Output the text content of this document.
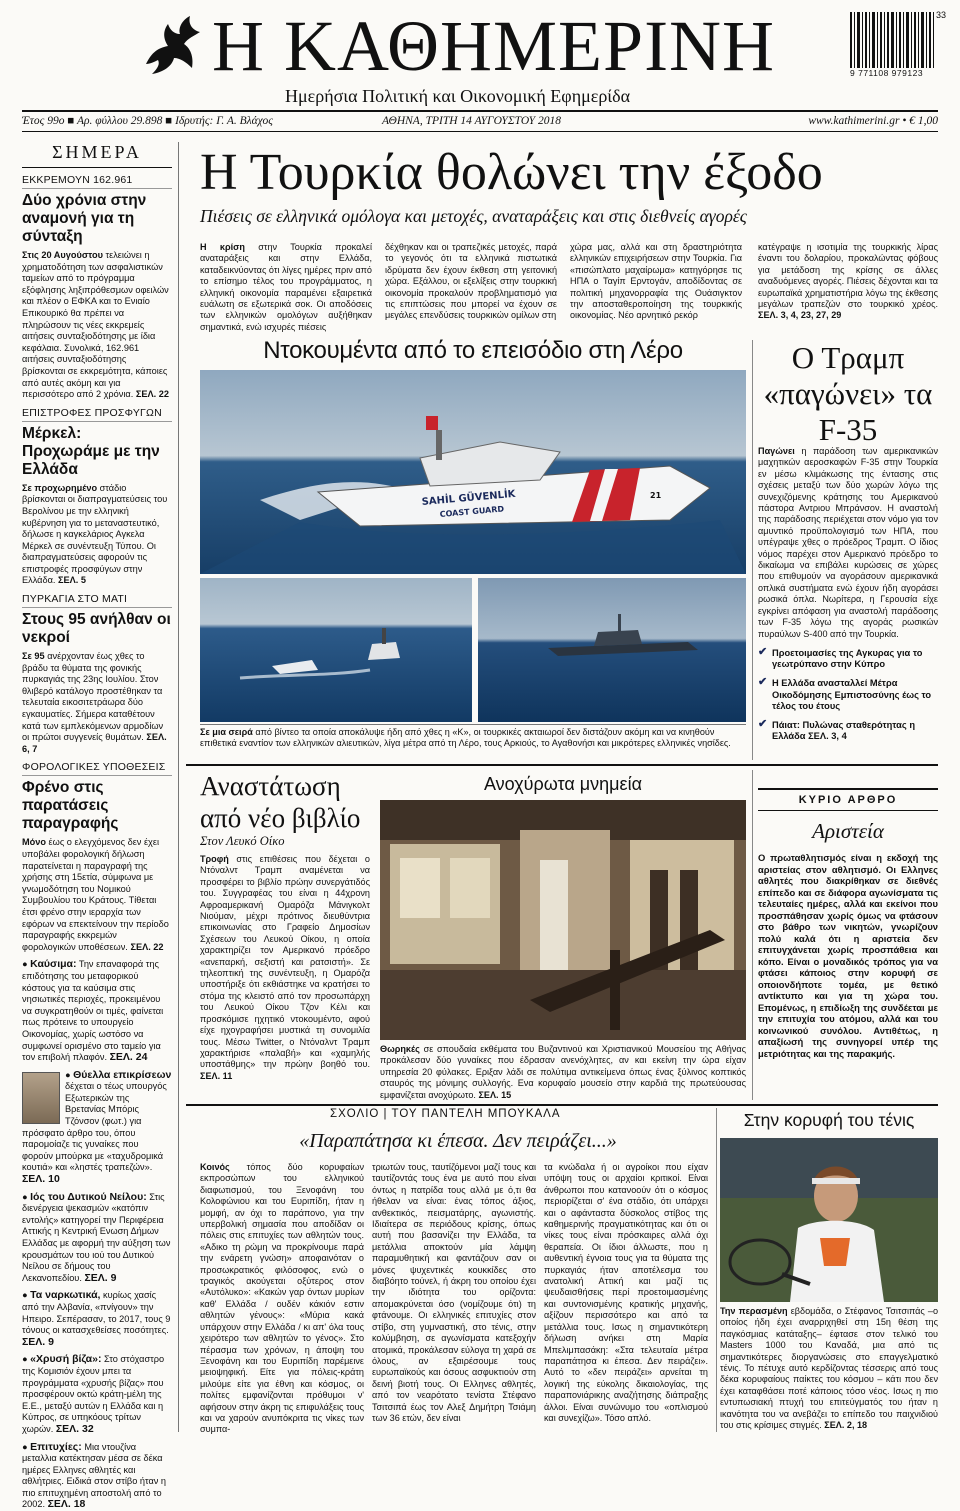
Η ΚΑΘΗΜΕΡΙΝΗ
Ημερήσια Πολιτική και Οικονομική Εφημερίδα
33
9 771108 979123
Έτος 99ο ■ Αρ. φύλλου 29.898 ■ Ιδρυτής: Γ. Α. Βλάχος	ΑΘΗΝΑ, ΤΡΙΤΗ 14 ΑΥΓΟΥΣΤΟΥ 2018	www.kathimerini.gr • € 1,00
ΣΗΜΕΡΑ
ΕΚΚΡΕΜΟΥΝ 162.961
Δύο χρόνια στην αναμονή για τη σύνταξη
Στις 20 Αυγούστου τελειώνει η χρηματοδότηση των ασφαλιστικών ταμείων από το πρόγραμμα εξόφλησης ληξιπρόθεσμων οφειλών και πλέον ο ΕΦΚΑ και το Ενιαίο Επικουρικό θα πρέπει να πληρώσουν τις νέες εκκρεμείς αιτήσεις συνταξιοδότησης με ίδια κεφάλαια. Συνολικά, 162.961 αιτήσεις συνταξιοδότησης βρίσκονται σε εκκρεμότητα, κάποιες από αυτές ακόμη και για περισσότερο από 2 χρόνια. ΣΕΛ. 22
ΕΠΙΣΤΡΟΦΕΣ ΠΡΟΣΦΥΓΩΝ
Μέρκελ: Προχωράμε με την Ελλάδα
Σε προχωρημένο στάδιο βρίσκονται οι διαπραγματεύσεις του Βερολίνου με την ελληνική κυβέρνηση για το μεταναστευτικό, δήλωσε η καγκελάριος Αγκελα Μέρκελ σε συνέντευξη Τύπου. Οι διαπραγματεύσεις αφορούν τις επιστροφές προσφύγων στην Ελλάδα. ΣΕΛ. 5
ΠΥΡΚΑΓΙΑ ΣΤΟ ΜΑΤΙ
Στους 95 ανήλθαν οι νεκροί
Σε 95 ανέρχονταν έως χθες το βράδυ τα θύματα της φονικής πυρκαγιάς της 23ης Ιουλίου. Στον θλιβερό κατάλογο προστέθηκαν τα τελευταία εικοσιτετράωρα δύο εγκαυματίες. Σήμερα καταθέτουν κατά των εμπλεκόμενων αρμοδίων οι πρώτοι συγγενείς θυμάτων. ΣΕΛ. 6, 7
ΦΟΡΟΛΟΓΙΚΕΣ ΥΠΟΘΕΣΕΙΣ
Φρένο στις παρατάσεις παραγραφής
Μόνο έως ο ελεγχόμενος δεν έχει υποβάλει φορολογική δήλωση παρατείνεται η παραγραφή της χρήσης στη 15ετία, σύμφωνα με γνωμοδότηση του Νομικού Συμβουλίου του Κράτους. Τίθεται έτσι φρένο στην ιεραρχία των εφόρων να επεκτείνουν την περίοδο παραγραφής εκκρεμών φορολογικών υποθέσεων. ΣΕΛ. 22
● Καύσιμα: Την επαναφορά της επιδότησης του μεταφορικού κόστους για τα καύσιμα στις νησιωτικές περιοχές, προκειμένου να συγκρατηθούν οι τιμές, φαίνεται πως πρότεινε το υπουργείο Οικονομίας, χωρίς ωστόσο να συμφωνεί ορισμένο στο ταμείο για τον επιβολή πλαφόν. ΣΕΛ. 24
● Θύελλα επικρίσεων
δέχεται ο τέως υπουργός Εξωτερικών της Βρετανίας Μπόρις Τζόνσον (φωτ.) για πρόσφατο άρθρο του, όπου παρομοίαζε τις γυναίκες που φορούν μπούρκα με «ταχυδρομικά κουτιά» και «ληστές τραπεζών». ΣΕΛ. 10
● Ιός του Δυτικού Νείλου: Στις διενέργεια ψεκασμών «κατόπιν εντολής» κατηγορεί την Περιφέρεια Αττικής η Κεντρική Ενωση Δήμων Ελλάδας με αφορμή την αύξηση των κρουσμάτων του ιού του Δυτικού Νείλου σε δήμους του Λεκανοπεδίου. ΣΕΛ. 9
● Τα ναρκωτικά, κυρίως χασίς από την Αλβανία, «πνίγουν» την Ηπειρο. Σεπέρασαν, το 2017, τους 9 τόνους οι κατασχεθείσες ποσότητες. ΣΕΛ. 9
● «Χρυσή βίζα»: Στο στόχαστρο της Κομισιόν έχουν μπει τα προγράμματα «χρυσής βίζας» που προσφέρουν οκτώ κράτη-μέλη της Ε.Ε., μεταξύ αυτών η Ελλάδα και η Κύπρος, σε υπηκόους τρίτων χωρών. ΣΕΛ. 32
● Επιτυχίες: Μια ντουζίνα μεταλλια κατέκτησαν μέσα σε δέκα ημέρες Ελληνες αθλητές και αθλήτριες. Ειδικά στον στίβο ήταν η πιο επιτυχημένη αποστολή από το 2002. ΣΕΛ. 18
Η Τουρκία θολώνει την έξοδο
Πιέσεις σε ελληνικά ομόλογα και μετοχές, αναταράξεις και στις διεθνείς αγορές
Η κρίση στην Τουρκία προκαλεί αναταράξεις και στην Ελλάδα, καταδεικνύοντας ότι λίγες ημέρες πριν από το επίσημο τέλος του προγράμματος, η ελληνική οικονομία παραμένει εξαιρετικά ευάλωτη σε εξωτερικά σοκ. Οι αποδόσεις των ελληνικών ομολόγων αυξήθηκαν σημαντικά, ενώ ισχυρές πιέσεις
δέχθηκαν και οι τραπεζικές μετοχές, παρά το γεγονός ότι τα ελληνικά πιστωτικά ιδρύματα δεν έχουν έκθεση στη γειτονική χώρα. Εξάλλου, οι εξελίξεις στην τουρκική οικονομία προκαλούν προβληματισμό για τις επιπτώσεις που μπορεί να έχουν σε μεγάλες επενδύσεις τουρκικών ομίλων στη
χώρα μας, αλλά και στη δραστηριότητα ελληνικών επιχειρήσεων στην Τουρκία. Για «πισώπλατο μαχαίρωμα» κατηγόρησε τις ΗΠΑ ο Ταγίπ Ερντογάν, αποδίδοντας σε πολιτική μηχανορραφία της Ουάσιγκτον την αποσταθεροποίηση της τουρκικής οικονομίας. Νέο αρνητικό ρεκόρ
κατέγραψε η ισοτιμία της τουρκικής λίρας έναντι του δολαρίου, προκαλώντας φόβους για μετάδοση της κρίσης σε άλλες αναδυόμενες αγορές. Πιέσεις δέχονται και τα ευρωπαϊκά χρηματιστήρια λόγω της έκθεσης μεγάλων τραπεζών στο τουρκικό χρέος. ΣΕΛ. 3, 4, 23, 27, 29
Ντοκουμέντα από το επεισόδιο στη Λέρο
SAHİL GÜVENLİK
COAST GUARD
21
Σε μια σειρά από βίντεο τα οποία αποκάλυψε ήδη από χθες η «Κ», οι τουρκικές ακταιωροί δεν διστάζουν ακόμη και να κινηθούν επιθετικά εναντίον των ελληνικών αλιευτικών, λίγα μέτρα από τη Λέρο, τους Αρκιούς, το Αγαθονήσι και μικρότερες ελληνικές νησίδες.
Ο Τραμπ «παγώνει» τα F-35
Παγώνει η παράδοση των αμερικανικών μαχητικών αεροσκαφών F-35 στην Τουρκία εν μέσω κλιμάκωσης της έντασης στις σχέσεις μεταξύ των δύο χωρών λόγω της συνεχιζόμενης κράτησης του Αμερικανού πάστορα Αντριου Μπράνσον. Η αναστολή της παράδοσης περιέχεται στον νόμο για τον αμυντικό προϋπολογισμό των ΗΠΑ, που υπέγραψε χθες ο πρόεδρος Τραμπ. Ο ίδιος νόμος παρέχει στον Αμερικανό πρόεδρο το δικαίωμα να επιβάλει κυρώσεις σε χώρες που επιθυμούν να αγοράσουν αμερικανικά οπλικά συστήματα ενώ έχουν ήδη αγοράσει ρωσικά όπλα. Νωρίτερα, η Γερουσία είχε εγκρίνει απόφαση για αναστολή παράδοσης των F-35 λόγω της αγοράς ρωσικών πυραύλων S-400 από την Τουρκία.
✔ Προετοιμασίες της Αγκυρας για το γεωτρύπανο στην Κύπρο
✔ Η Ελλάδα ανασταλλεί Μέτρα Οικοδόμησης Εμπιστοσύνης έως το τέλος του έτους
✔ Πάιατ: Πυλώνας σταθερότητας η Ελλάδα ΣΕΛ. 3, 4
Αναστάτωση από νέο βιβλίο
Στον Λευκό Οίκο
Τροφή στις επιθέσεις που δέχεται ο Ντόναλντ Τραμπ αναμένεται να προσφέρει το βιβλίο πρώην συνεργάτιδός του. Συγγραφέας του είναι η 44χρονη Αφροαμερικανή Ομαρόζα Μάνιγκολτ Νιούμαν, μέχρι πρότινος διευθύντρια επικοινωνίας στο Γραφείο Δημοσίων Σχέσεων του Λευκού Οίκου, η οποία χαρακτηρίζει τον Αμερικανό πρόεδρο «ανεπαρκή, σεξιστή και ρατσιστή». Σε τηλεοπτική της συνέντευξη, η Ομαρόζα υποστήριξε ότι εκθιάστηκε να κρατήσει το στόμα της κλειστό από τον προσωπάρχη του Λευκού Οίκου Τζον Κέλι και προσκόμισε ηχητικό ντοκουμέντο, αφού είχε ηχογραφήσει μυστικά τη συνομιλία τους. Μέσω Twitter, ο Ντόναλντ Τραμπ χαρακτήρισε «παλαβή» και «χαμηλής υποστάθμης» την πρώην βοηθό του. ΣΕΛ. 11
Ανοχύρωτα μνημεία
Θωρηκές σε σπουδαία εκθέματα του Βυζαντινού και Χριστιανικού Μουσείου της Αθήνας προκάλεσαν δύο γυναίκες που έδρασαν ανενόχλητες, αν και εκείνη την ώρα είχαν υπηρεσία 20 φύλακες. Εριξαν λάδι σε πολύτιμα αντικείμενα όπως ένας ξύλινος κοπτικός σταυρός της μόνιμης συλλογής. Ενα κορυφαίο μουσείο στην καρδιά της πρωτεύουσας εμφανίζεται ανοχύρωτο. ΣΕΛ. 15
ΚΥΡΙΟ ΑΡΘΡΟ
Αριστεία
Ο πρωταθλητισμός είναι η εκδοχή της αριστείας στον αθλητισμό. Οι Ελληνες αθλητές που διακρίθηκαν σε διεθνές επίπεδο και σε διάφορα αγωνίσματα τις τελευταίες ημέρες, αλλά και εκείνοι που προσπάθησαν χωρίς όμως να φτάσουν στο βάθρο των νικητών, γνωρίζουν πολύ καλά ότι η αριστεία δεν επιτυγχάνεται χωρίς προσπάθεια και κόπο. Είναι ο μοναδικός τρόπος για να φτάσει κάποιος στην κορυφή σε οποιονδήποτε τομέα, με θετικό αντίκτυπο και για τη χώρα του. Επομένως, η επιδίωξη της συνδέεται με την επιτυχία του ατόμου, αλλά και του κοινωνικού συνόλου. Αντιθέτως, η απαξίωσή της συνηγορεί υπέρ της μετριότητας και της παρακμής.
ΣΧΟΛΙΟ | ΤΟΥ ΠΑΝΤΕΛΗ ΜΠΟΥΚΑΛΑ
«Παραπάτησα κι έπεσα. Δεν πειράζει...»
Κοινός τόπος δύο κορυφαίων εκπροσώπων του ελληνικού διαφωτισμού, του Ξενοφάνη του Κολοφώνιου και του Ευριπίδη, ήταν η μομφή, αν όχι το παράπονο, για την υπερβολική σημασία που αποδίδαν οι πόλεις στις επιτυχίες των αθλητών τους. «Αδικο τη ρώμη να προκρίνουμε παρά την ενάρετη γνώση» αποφαινόταν ο προσωκρατικός φιλόσοφος, ενώ ο τραγικός ακούγεται οξύτερος στον «Αυτόλυκο»: «Κακών γαρ όντων μυρίων καθ' Ελλάδα / ουδέν κάκιόν εστιν αθλητών γένους»: «Μύρια κακά υπάρχουν στην Ελλάδα / κι απ' όλα τους χειρότερο των αθλητών το γένος». Στο πέρασμα των χρόνων, η άποψη του Ξενοφάνη και του Ευριπίδη παρέμεινε μειοψηφική. Είτε για πόλεις-κράτη μιλούμε είτε για έθνη και κόσμος, οι πολίτες εμφανίζονται πρόθυμοι ν' αφήσουν στην άκρη τις επιφυλάξεις τους και να χαρούν ανυπόκριτα τις νίκες των συμπα-
τριωτών τους, ταυτίζόμενοι μαζί τους και ταυτίζοντάς τους ένα με αυτό που είναι όντως η πατρίδα τους αλλά με ό,τι θα ήθελαν να είναι: ένας τόπος άξιος, ανθεκτικός, πεισματάρης, αγωνιστής. Ιδιαίτερα σε περιόδους κρίσης, όπως αυτή που βασανίζει την Ελλάδα, τα μετάλλια αποκτούν μία λάμψη παραμυθητική και φαντάζουν σαν οι μόνες ψυχεντικές κουκκίδες στο διαβόητο τούνελ, ή άκρη του οποίου έχει την ιδιότητα του ορίζοντα: απομακρύνεται όσο (νομίζουμε ότι) τη φτάνουμε. Οι ελληνικές επιτυχίες στον στίβο, στη γυμναστική, στο τένις, στην κολύμβηση, σε αγωνίσματα κατεξοχήν ατομικά, προκάλεσαν εύλογα τη χαρά σε όλους, αν εξαιρέσουμε τους ευρωπαϊκούς και όσους ασφυκτιούν στη δεινή βιοτή τους. Οι Ελληνες αθλητές, από τον νεαρότατο τενίστα Στέφανο Τσιτσιπά έως τον Αλεξ Δημήτρη Τσιάμη των 36 ετών, δεν είναι
τα κνώδαλα ή οι αγροίκοι που είχαν υπόψη τους οι αρχαίοι κριτικοί. Είναι άνθρωποι που κατανοούν ότι ο κόσμος περιορίζεται σ' ένα στάδιο, ότι υπάρχει και ο αφάνταστα δύσκολος στίβος της καθημερινής πραγματικότητας και ότι οι νίκες τους είναι πρόσκαιρες αλλά όχι θεραπεία. Οι ίδιοι άλλωστε, που η αυθεντική έγνοια τους για τα θύματα της πυρκαγιάς ήταν αποτέλεσμα του ανατολική Αττική και μαζί τις ψευδαισθήσεις περί προετοιμασμένης και συντονισμένης κρατικής μηχανής, αξίζουν περισσότερο και από τα μετάλλια τους. Ισως η σημαντικότερη δήλωση ανήκει στη Μαρία Μπελιμπασάκη: «Στα τελευταία μέτρα παραπάτησα κι έπεσα. Δεν πειράζει». Αυτό το «δεν πειράζει» αρνείται τη λογική της εύκολης δικαιολογίας, της παραπονιάρικης αναζήτησης διάπραξης άλλοι. Είναι συνώνυμο του «οπλισμού και συνεχίζω». Τόσο απλό.
Στην κορυφή του τένις
Την περασμένη εβδομάδα, ο Στέφανος Τσιτσιπάς –ο οποίος ήδη έχει αναρριχηθεί στη 15η θέση της παγκόσμιας κατάταξης– έφτασε στον τελικό του Masters 1000 του Καναδά, μια από τις σημαντικότερες διοργανώσεις στο επαγγελματικό τένις. Το πέτυχε αυτό κερδίζοντας τέσσερις από τους δέκα κορυφαίους παίκτες του κόσμου – κάτι που δεν έχει καταφθάσει ποτέ κάποιος τόσο νέος. Ισως η πιο εντυπωσιακή πτυχή του επιτεύγματός του ήταν η ικανότητα του να ανεβάζει το επίπεδο του παιχνιδιού του στις κρίσιμες στιγμές. ΣΕΛ. 2, 18
